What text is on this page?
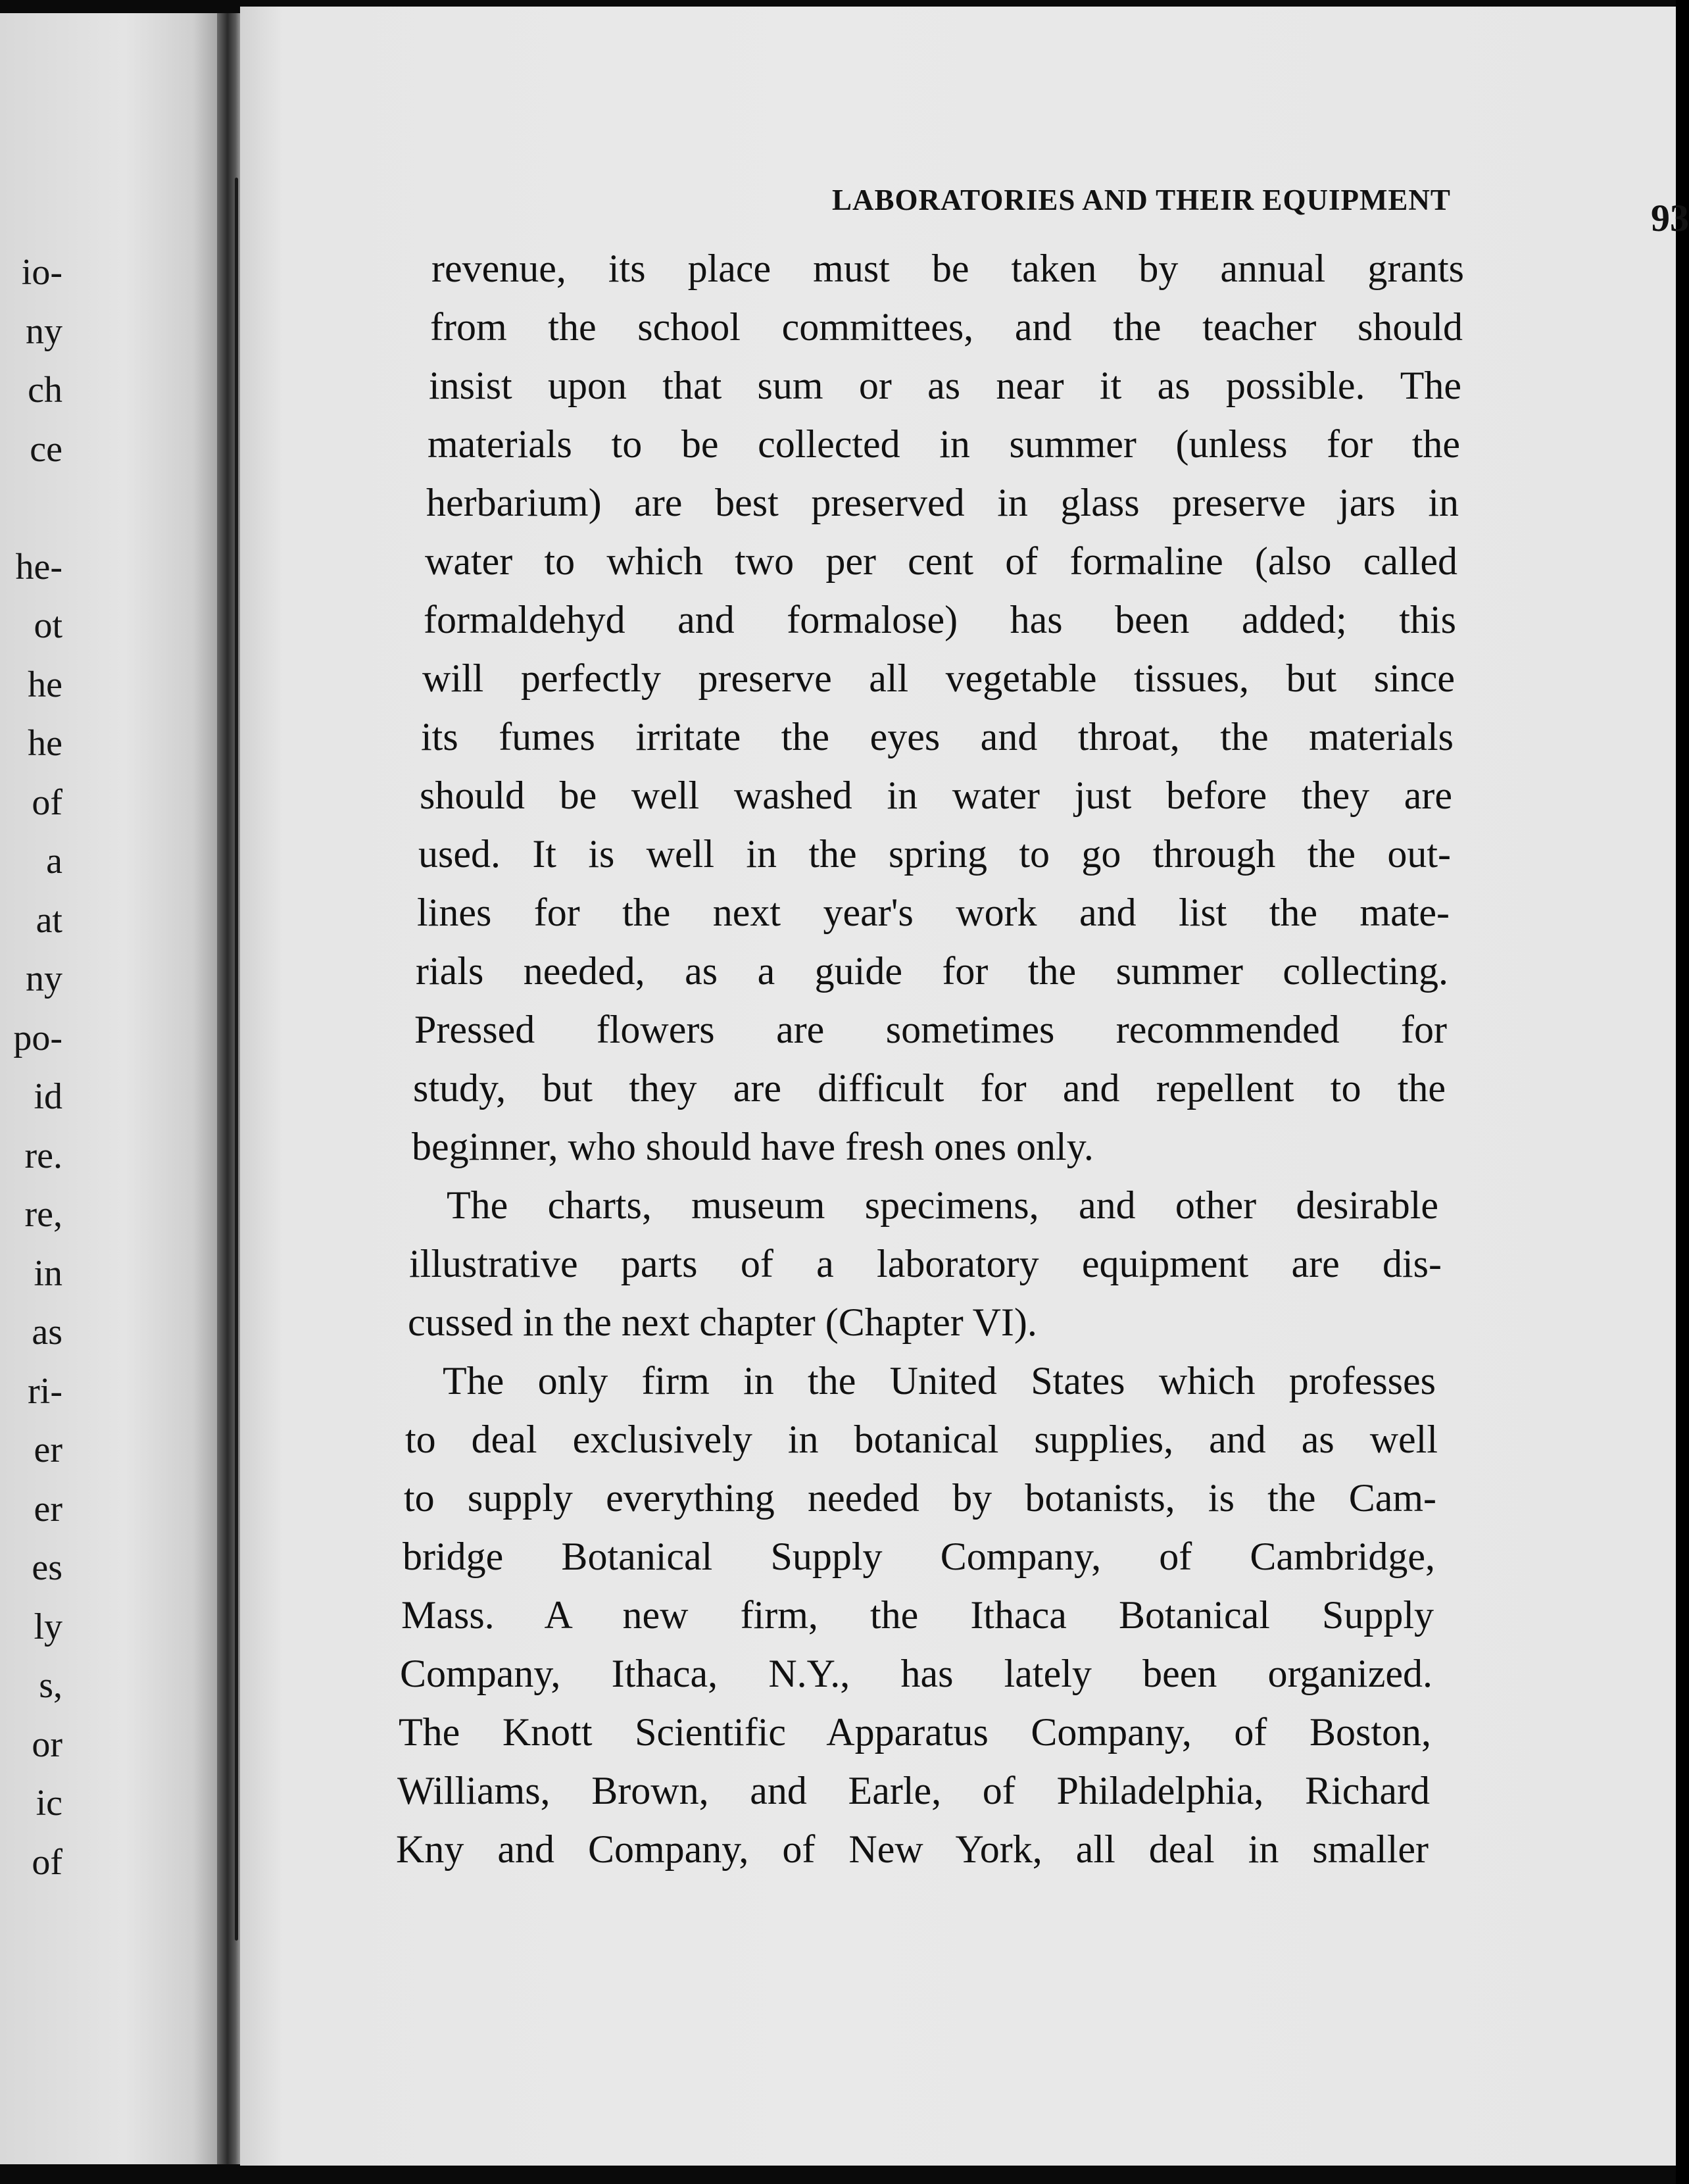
io-
ny
ch
ce
he-
ot
he
he
of
a
at
ny
ро-
id
re.
re,
in
as
ri-
er
er
es
ly
s,
or
ic
of
LABORATORIES AND THEIR EQUIPMENT	93
revenue, its place must be taken by annual grants
from the school committees, and the teacher should
insist upon that sum or as near it as possible. The
materials to be collected in summer (unless for the
herbarium) are best preserved in glass preserve jars in
water to which two per cent of formaline (also called
formaldehyd and formalose) has been added; this
will perfectly preserve all vegetable tissues, but since
its fumes irritate the eyes and throat, the materials
should be well washed in water just before they are
used. It is well in the spring to go through the out-
lines for the next year's work and list the mate-
rials needed, as a guide for the summer collecting.
Pressed flowers are sometimes recommended for
study, but they are difficult for and repellent to the
beginner, who should have fresh ones only.
The charts, museum specimens, and other desirable
illustrative parts of a laboratory equipment are dis-
cussed in the next chapter (Chapter VI).
The only firm in the United States which professes
to deal exclusively in botanical supplies, and as well
to supply everything needed by botanists, is the Cam-
bridge Botanical Supply Company, of Cambridge,
Mass. A new firm, the Ithaca Botanical Supply
Company, Ithaca, N.Y., has lately been organized.
The Knott Scientific Apparatus Company, of Boston,
Williams, Brown, and Earle, of Philadelphia, Richard
Kny and Company, of New York, all deal in smaller
